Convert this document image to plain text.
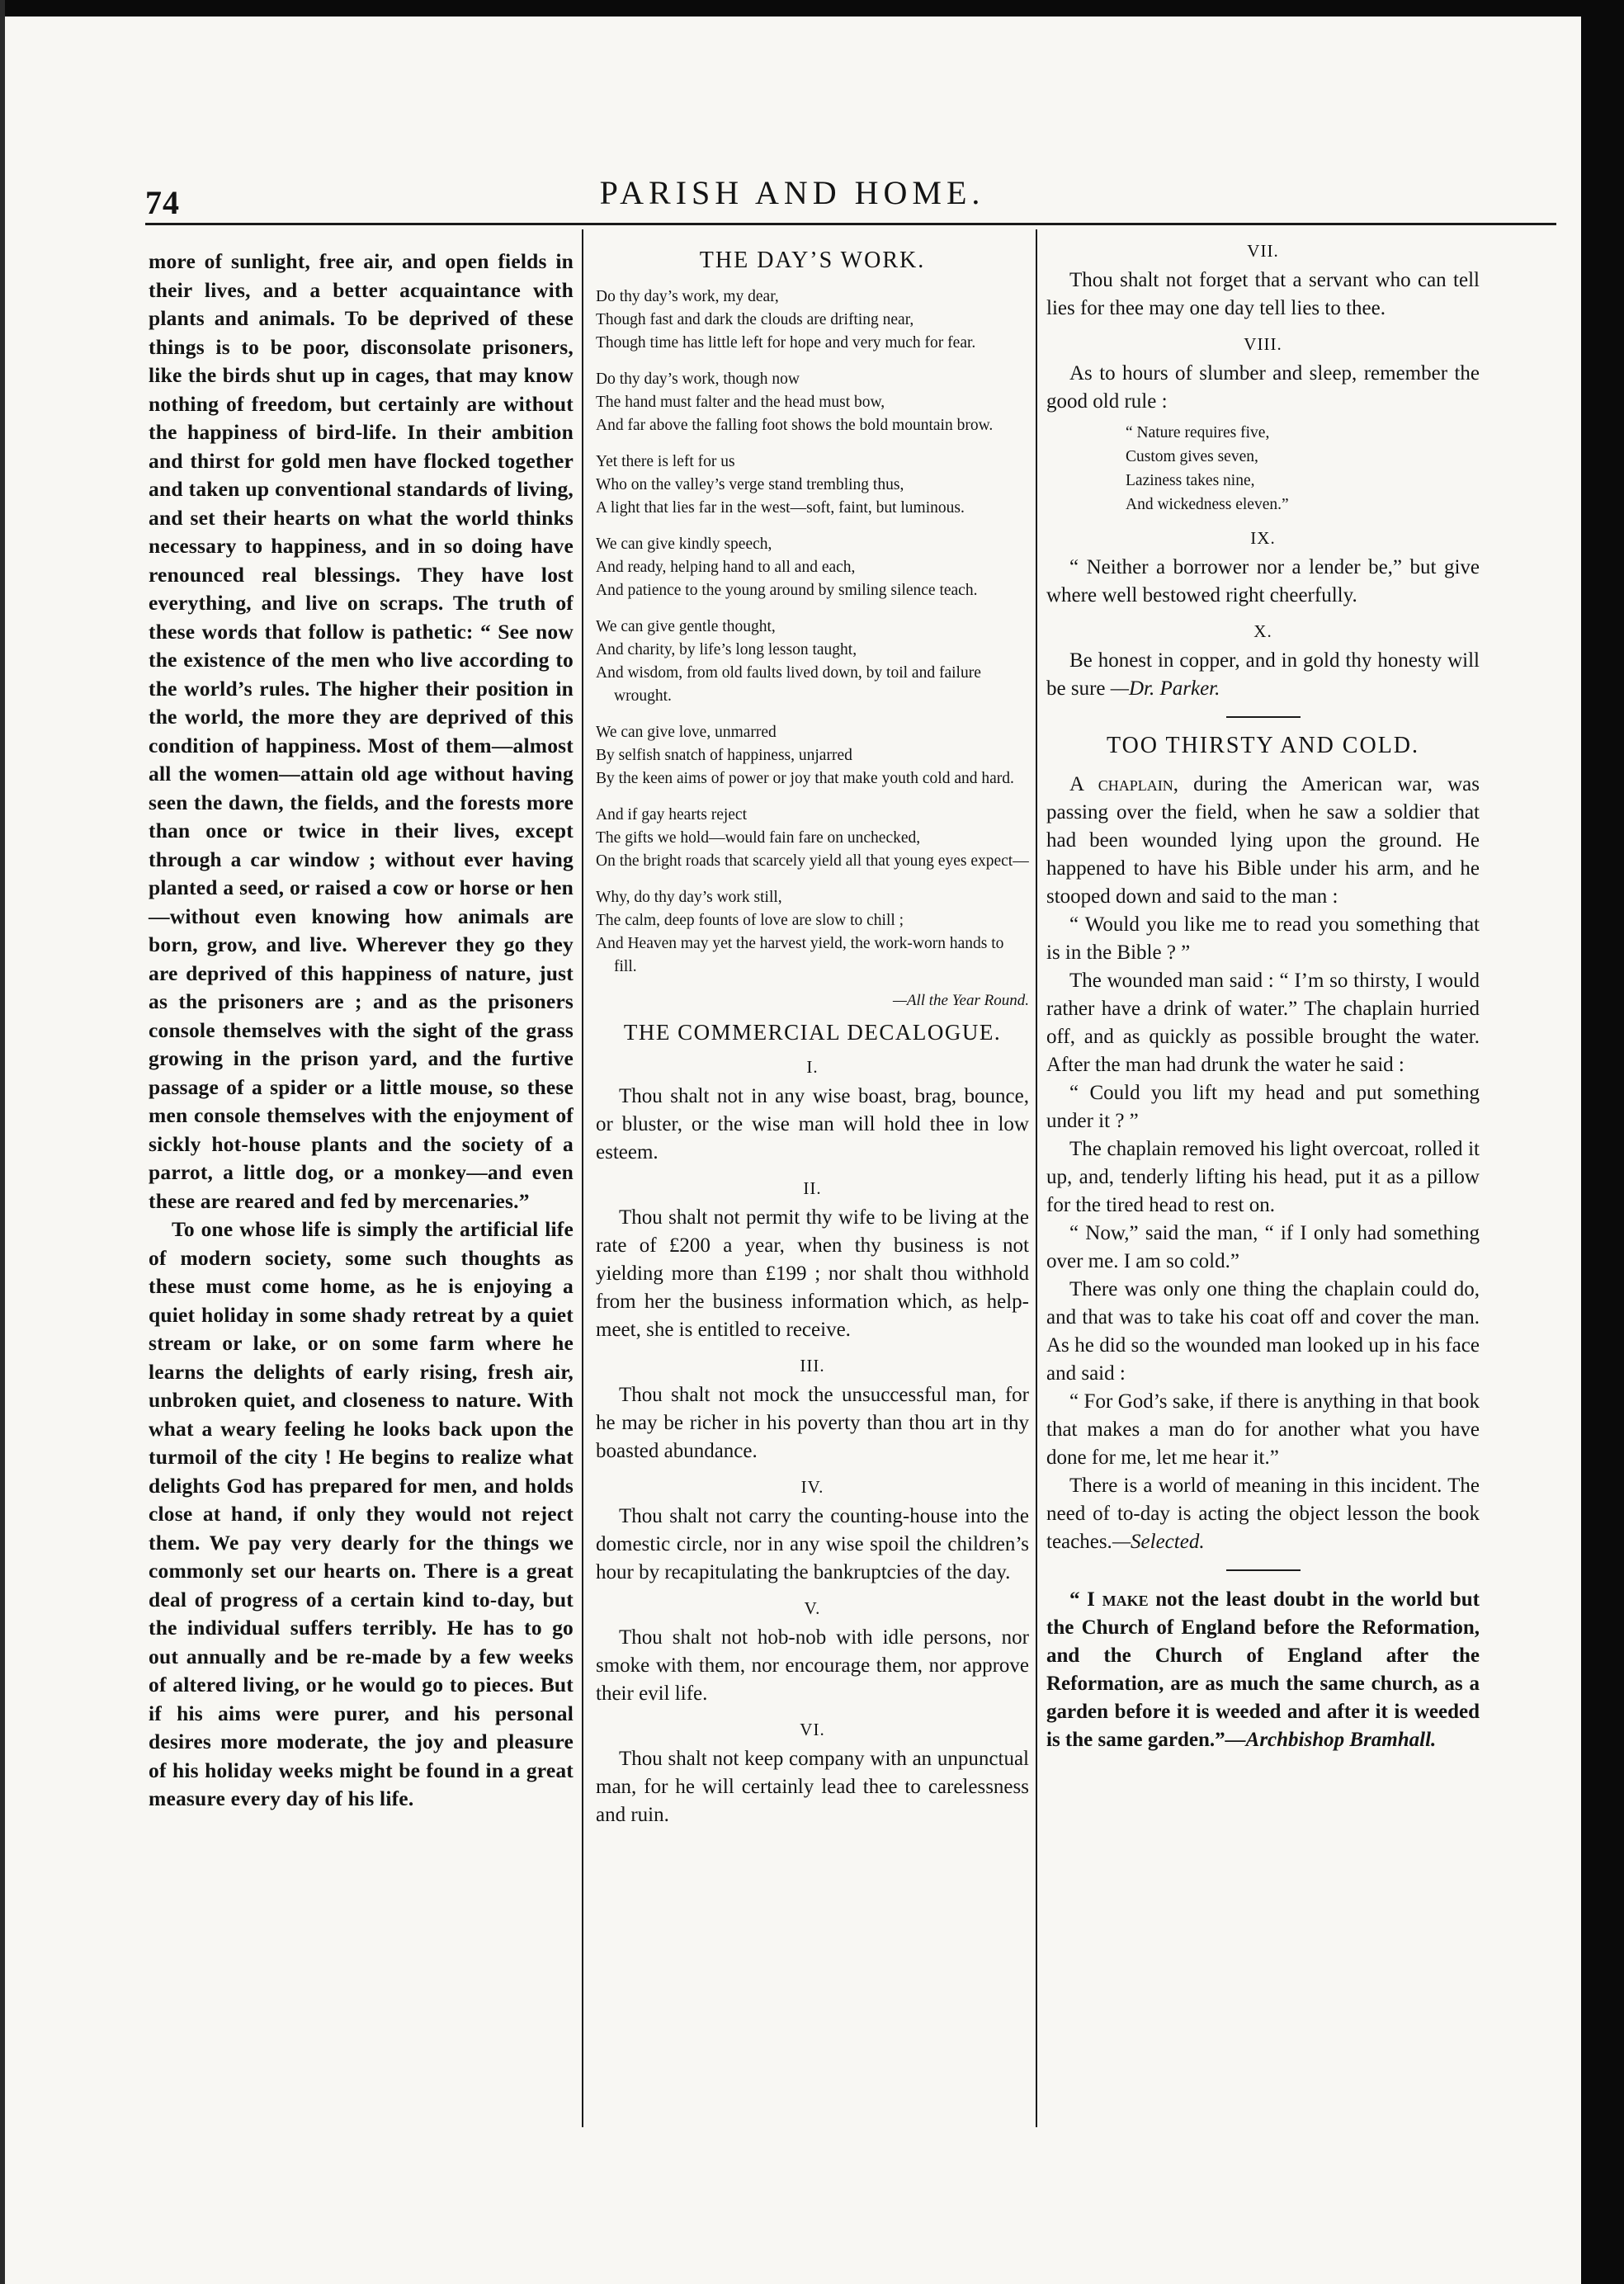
74	PARISH AND HOME.

more of sunlight, free air, and open fields in their lives, and a better acquaintance with plants and animals. To be deprived of these things is to be poor, disconsolate prisoners, like the birds shut up in cages, that may know nothing of freedom, but certainly are without the happiness of bird-life. In their ambition and thirst for gold men have flocked together and taken up conventional standards of living, and set their hearts on what the world thinks necessary to happiness, and in so doing have renounced real blessings. They have lost everything, and live on scraps. The truth of these words that follow is pathetic: “ See now the existence of the men who live according to the world’s rules. The higher their position in the world, the more they are deprived of this condition of happiness. Most of them—almost all the women—attain old age without having seen the dawn, the fields, and the forests more than once or twice in their lives, except through a car window ; without ever having planted a seed, or raised a cow or horse or hen—without even knowing how animals are born, grow, and live. Wherever they go they are deprived of this happiness of nature, just as the prisoners are ; and as the prisoners console themselves with the sight of the grass growing in the prison yard, and the furtive passage of a spider or a little mouse, so these men console themselves with the enjoyment of sickly hot-house plants and the society of a parrot, a little dog, or a monkey—and even these are reared and fed by mercenaries.”

To one whose life is simply the artificial life of modern society, some such thoughts as these must come home, as he is enjoying a quiet holiday in some shady retreat by a quiet stream or lake, or on some farm where he learns the delights of early rising, fresh air, unbroken quiet, and closeness to nature. With what a weary feeling he looks back upon the turmoil of the city ! He begins to realize what delights God has prepared for men, and holds close at hand, if only they would not reject them. We pay very dearly for the things we commonly set our hearts on. There is a great deal of progress of a certain kind to-day, but the individual suffers terribly. He has to go out annually and be re-made by a few weeks of altered living, or he would go to pieces. But if his aims were purer, and his personal desires more moderate, the joy and pleasure of his holiday weeks might be found in a great measure every day of his life.

THE DAY’S WORK.
Do thy day’s work, my dear,
Though fast and dark the clouds are drifting near,
Though time has little left for hope and very much for fear.
Do thy day’s work, though now
The hand must falter and the head must bow,
And far above the falling foot shows the bold mountain brow.
Yet there is left for us
Who on the valley’s verge stand trembling thus,
A light that lies far in the west—soft, faint, but luminous.
We can give kindly speech,
And ready, helping hand to all and each,
And patience to the young around by smiling silence teach.
We can give gentle thought,
And charity, by life’s long lesson taught,
And wisdom, from old faults lived down, by toil and failure wrought.
We can give love, unmarred
By selfish snatch of happiness, unjarred
By the keen aims of power or joy that make youth cold and hard.
And if gay hearts reject
The gifts we hold—would fain fare on unchecked,
On the bright roads that scarcely yield all that young eyes expect—
Why, do thy day’s work still,
The calm, deep founts of love are slow to chill ;
And Heaven may yet the harvest yield, the work-worn hands to fill.
—All the Year Round.
THE COMMERCIAL DECALOGUE.
I.

Thou shalt not in any wise boast, brag, bounce, or bluster, or the wise man will hold thee in low esteem.

II.

Thou shalt not permit thy wife to be living at the rate of £200 a year, when thy business is not yielding more than £199 ; nor shalt thou withhold from her the business information which, as help-meet, she is entitled to receive.

III.

Thou shalt not mock the unsuccessful man, for he may be richer in his poverty than thou art in thy boasted abundance.

IV.

Thou shalt not carry the counting-house into the domestic circle, nor in any wise spoil the children’s hour by recapitulating the bankruptcies of the day.

V.

Thou shalt not hob-nob with idle persons, nor smoke with them, nor encourage them, nor approve their evil life.

VI.

Thou shalt not keep company with an unpunctual man, for he will certainly lead thee to carelessness and ruin.

VII.

Thou shalt not forget that a servant who can tell lies for thee may one day tell lies to thee.

VIII.

As to hours of slumber and sleep, remember the good old rule :

“ Nature requires five,
Custom gives seven,
Laziness takes nine,
And wickedness eleven.”
IX.

“ Neither a borrower nor a lender be,” but give where well bestowed right cheerfully.

X.

Be honest in copper, and in gold thy honesty will be sure —Dr. Parker.

TOO THIRSTY AND COLD.

A chaplain, during the American war, was passing over the field, when he saw a soldier that had been wounded lying upon the ground. He happened to have his Bible under his arm, and he stooped down and said to the man :

“ Would you like me to read you something that is in the Bible ? ”

The wounded man said : “ I’m so thirsty, I would rather have a drink of water.” The chaplain hurried off, and as quickly as possible brought the water. After the man had drunk the water he said :

“ Could you lift my head and put something under it ? ”

The chaplain removed his light overcoat, rolled it up, and, tenderly lifting his head, put it as a pillow for the tired head to rest on.

“ Now,” said the man, “ if I only had something over me. I am so cold.”

There was only one thing the chaplain could do, and that was to take his coat off and cover the man. As he did so the wounded man looked up in his face and said :

“ For God’s sake, if there is anything in that book that makes a man do for another what you have done for me, let me hear it.”

There is a world of meaning in this incident. The need of to-day is acting the object lesson the book teaches.—Selected.

“ I make not the least doubt in the world but the Church of England before the Reformation, and the Church of England after the Reformation, are as much the same church, as a garden before it is weeded and after it is weeded is the same garden.”—Archbishop Bramhall.
